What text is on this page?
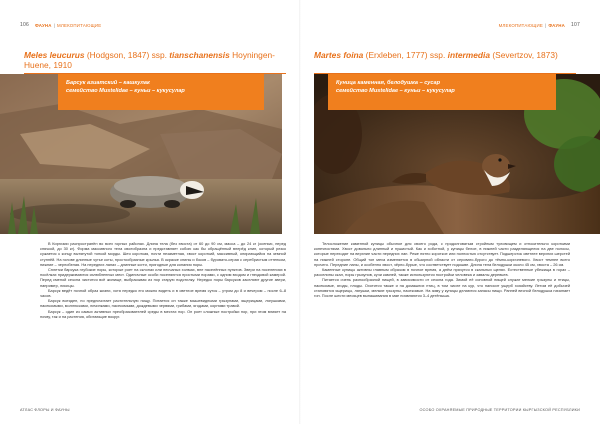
106 ФАУНА | МЛЕКОПИТАЮЩИЕ
Meles leucurus (Hodgson, 1847) ssp. tianschanensis Hoyningen-Huene, 1910
Барсук азиатский – кашкулак
семейство Mustelidae – куньи – кукусулар

В Киргизии распространён во всех горных районах. Длина тела (без хвоста) от 60 до 90 см, масса – до 24 кг (осенью, перед спячкой, до 30 кг). Форма массивного тела своеобразна и представляет собою как бы обращённый вперёд клин, который резко сужается к концу вытянутой тонкой морды. Шея короткая, почти незаметная, хвост короткий, массивный, опирающийся на земной ступнёй. На голове длинные чутье коты, простообразные крылья. В окраске спины и боков – буровато-серая с серебристым оттенком, нижние – чернобелая. На передних лапах – длинные когти, пригодные для копания норы.

Сплетки барсука глубокие норы, которые роет на склонах или песчаных холмах, вне населённых пунктов. Звери на поселениях в посёлках придерживаются излюбленных мест. Одиночные особи поселяются простыми норами, с одним входом и гнездовой камерой. Перед сменой сезона чистится всё жилище, выбрасывая из нор старую подстилку. Нередко норы барсуков заселяют другие звери, например, лисицы.

Барсук ведёт ночной образ жизни, хотя нередко его можно видеть и в светлое время суток – утром до 8 и вечером – после 6–8 часов.

Барсук всеяден, но предпочитает растительную пищу. Питается он также мышевидными грызунами, ящерицами, лягушками, насекомыми, моллюсками, личинками, насекомыми, дождевыми червями, грибами, ягодами, корнями травой.

Барсук – один из самых активных преобразователей среды в местах нор. Он роет сложные постройки нор, при этом влияет на почву, так и на растения, обитающие вокруг.

АТЛАС ФЛОРЫ И ФАУНЫ
МЛЕКОПИТАЮЩИЕ | ФАУНА 107
Martes foina (Erxleben, 1777) ssp. intermedia (Severtzov, 1873)
Куница каменная, белодушка – сусар
семейство Mustelidae – куньи – кукусулар

Телосложение каменной куницы обычное для своего рода, с продолговатым стройным туловищем и относительно короткими конечностями. Хвост довольно длинный и пушистый. Как и хоботной, у куницы белое, в нижней части разделяющееся на две полосы, которые переходят на верхние части передних лап. Реже пятно короткое или полностью отсутствует. Подшерсток светлее верхних шерстей на нижней стороне. Общий тон меха изменяется в обширной области от серовато-бурого до тёмно-коричневого. Хвост темнее всего прочего. Передние лапы, и особенно хвост, чёрно-бурые, что соответствует подошве. Длина тела белодушки около 45 см, хвоста – 26 см.

Каменные куницы активны главным образом в ночное время, а днём прячутся в скальных щелях. Естественные убежища в горах – расселины скал, норы грызунов, кучи камней, также используются постройки человека и завалы деревьев.

Питается очень разнообразной пищей, в зависимости от сезона года. Зимой её основной пищей служат мелкие грызуны и птицы, насекомые, ягоды, плоды. Охотится также и на домашних птиц, в том числе на кур, что наносит ущерб хозяйству. Летом её добычей становятся ящерицы, лягушки, мелкие грызуны, насекомые. На зиму у куницы делаются запасы пищи. Ранней весной белодушка начинает гон. После шести месяцев вынашивания в мае появляются 3–4 детёныша.

ОСОБО ОХРАНЯЕМЫЕ ПРИРОДНЫЕ ТЕРРИТОРИИ КЫРГЫЗСКОЙ РЕСПУБЛИКИ
